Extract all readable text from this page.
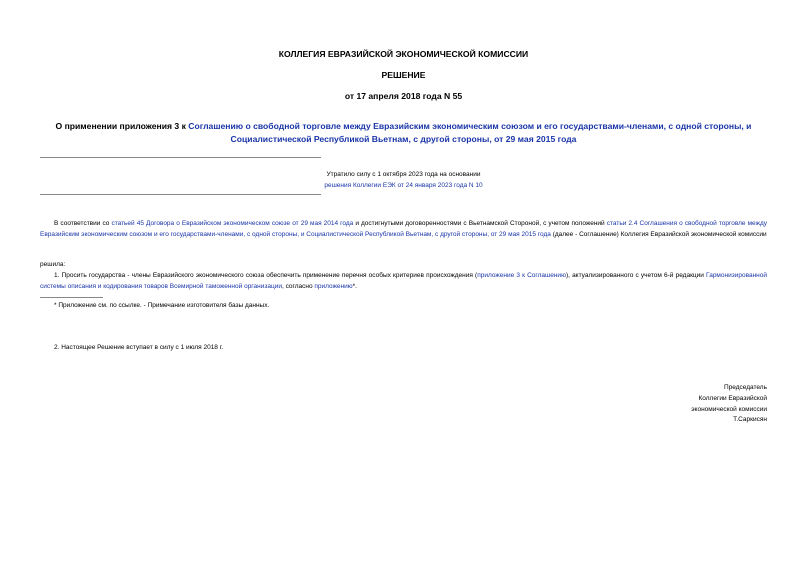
КОЛЛЕГИЯ ЕВРАЗИЙСКОЙ ЭКОНОМИЧЕСКОЙ КОМИССИИ
РЕШЕНИЕ
от 17 апреля 2018 года N 55
О применении приложения 3 к Соглашению о свободной торговле между Евразийским экономическим союзом и его государствами-членами, с одной стороны, и Социалистической Республикой Вьетнам, с другой стороны, от 29 мая 2015 года
Утратило силу с 1 октября 2023 года на основании
решения Коллегии ЕЭК от 24 января 2023 года N 10
В соответствии со статьей 45 Договора о Евразийском экономическом союзе от 29 мая 2014 года и достигнутыми договоренностями с Вьетнамской Стороной, с учетом положений статьи 2.4 Соглашения о свободной торговле между Евразийским экономическим союзом и его государствами-членами, с одной стороны, и Социалистической Республикой Вьетнам, с другой стороны, от 29 мая 2015 года (далее - Соглашение) Коллегия Евразийской экономической комиссии
решила:
1. Просить государства - члены Евразийского экономического союза обеспечить применение перечня особых критериев происхождения (приложение 3 к Соглашению), актуализированного с учетом 6-й редакции Гармонизированной системы описания и кодирования товаров Всемирной таможенной организации, согласно приложению*.
* Приложение см. по ссылке. - Примечание изготовителя базы данных.
2. Настоящее Решение вступает в силу с 1 июля 2018 г.
Председатель
Коллегии Евразийской
экономической комиссии
Т.Саркисян
